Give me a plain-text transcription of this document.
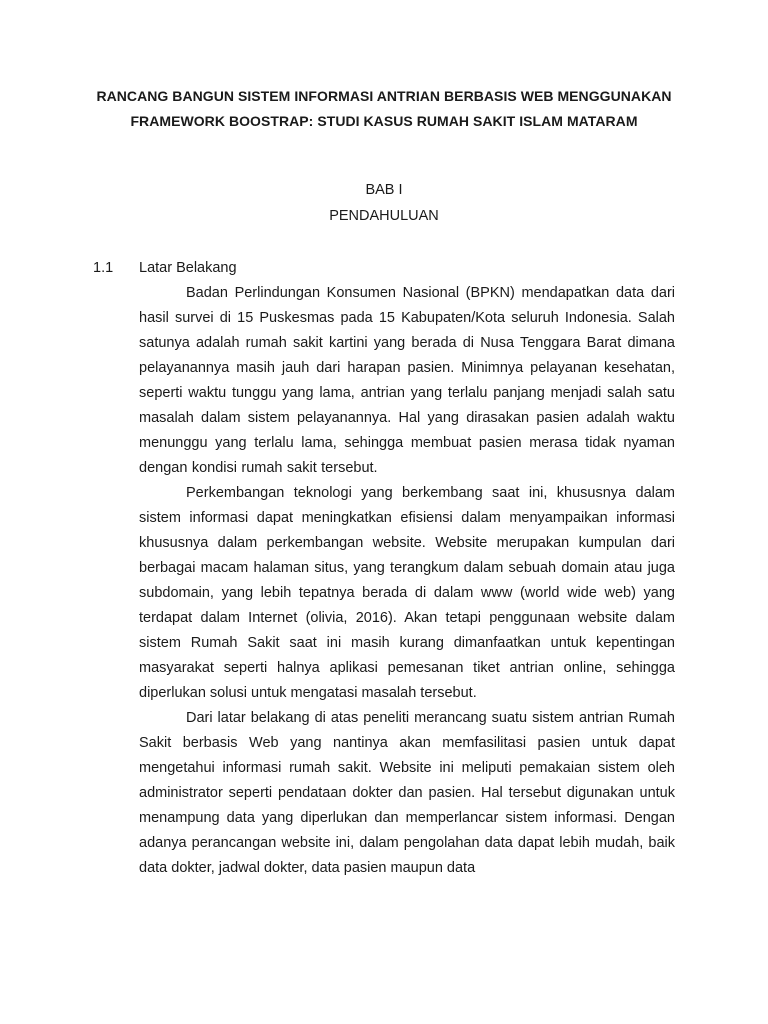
RANCANG BANGUN SISTEM INFORMASI ANTRIAN BERBASIS WEB MENGGUNAKAN
FRAMEWORK BOOSTRAP: STUDI KASUS RUMAH SAKIT ISLAM MATARAM
BAB I
PENDAHULUAN
1.1 Latar Belakang

Badan Perlindungan Konsumen Nasional (BPKN) mendapatkan data dari hasil survei di 15 Puskesmas pada 15 Kabupaten/Kota seluruh Indonesia. Salah satunya adalah rumah sakit kartini yang berada di Nusa Tenggara Barat dimana pelayanannya masih jauh dari harapan pasien. Minimnya pelayanan kesehatan, seperti waktu tunggu yang lama, antrian yang terlalu panjang menjadi salah satu masalah dalam sistem pelayanannya. Hal yang dirasakan pasien adalah waktu menunggu yang terlalu lama, sehingga membuat pasien merasa tidak nyaman dengan kondisi rumah sakit tersebut.

Perkembangan teknologi yang berkembang saat ini, khususnya dalam sistem informasi dapat meningkatkan efisiensi dalam menyampaikan informasi khususnya dalam perkembangan website. Website merupakan kumpulan dari berbagai macam halaman situs, yang terangkum dalam sebuah domain atau juga subdomain, yang lebih tepatnya berada di dalam www (world wide web) yang terdapat dalam Internet (olivia, 2016). Akan tetapi penggunaan website dalam sistem Rumah Sakit saat ini masih kurang dimanfaatkan untuk kepentingan masyarakat seperti halnya aplikasi pemesanan tiket antrian online, sehingga diperlukan solusi untuk mengatasi masalah tersebut.

Dari latar belakang di atas peneliti merancang suatu sistem antrian Rumah Sakit berbasis Web yang nantinya akan memfasilitasi pasien untuk dapat mengetahui informasi rumah sakit. Website ini meliputi pemakaian sistem oleh administrator seperti pendataan dokter dan pasien. Hal tersebut digunakan untuk menampung data yang diperlukan dan memperlancar sistem informasi. Dengan adanya perancangan website ini, dalam pengolahan data dapat lebih mudah, baik data dokter, jadwal dokter, data pasien maupun data
